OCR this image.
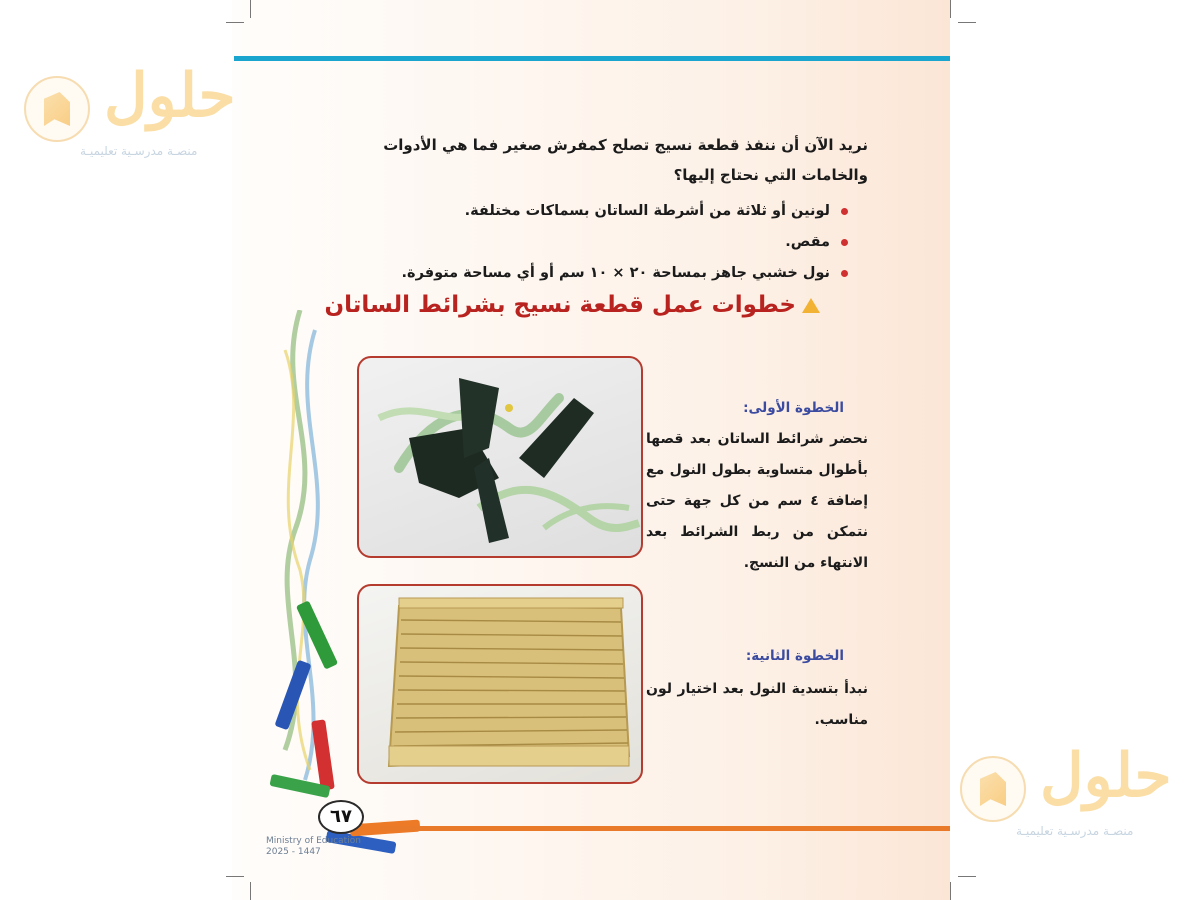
حلول
منصـة مدرسـية تعليميـة
حلول
منصـة مدرسـية تعليميـة
نريد الآن أن ننفذ قطعة نسيج تصلح كمفرش صغير فما هي الأدوات والخامات التي نحتاج إليها؟
لونين أو ثلاثة من أشرطة الساتان بسماكات مختلفة.
مقص.
نول خشبي جاهز بمساحة ٢٠ × ١٠ سم أو أي مساحة متوفرة.
خطوات عمل قطعة نسيج بشرائط الساتان
الخطوة الأولى:
نحضر شرائط الساتان بعد قصها بأطوال متساوية بطول النول مع إضافة ٤ سم من كل جهة حتى نتمكن من ربط الشرائط بعد الانتهاء من النسج.
الخطوة الثانية:
نبدأ بتسدية النول بعد اختيار لون مناسب.
٦٧
Ministry of Education
2025 - 1447
